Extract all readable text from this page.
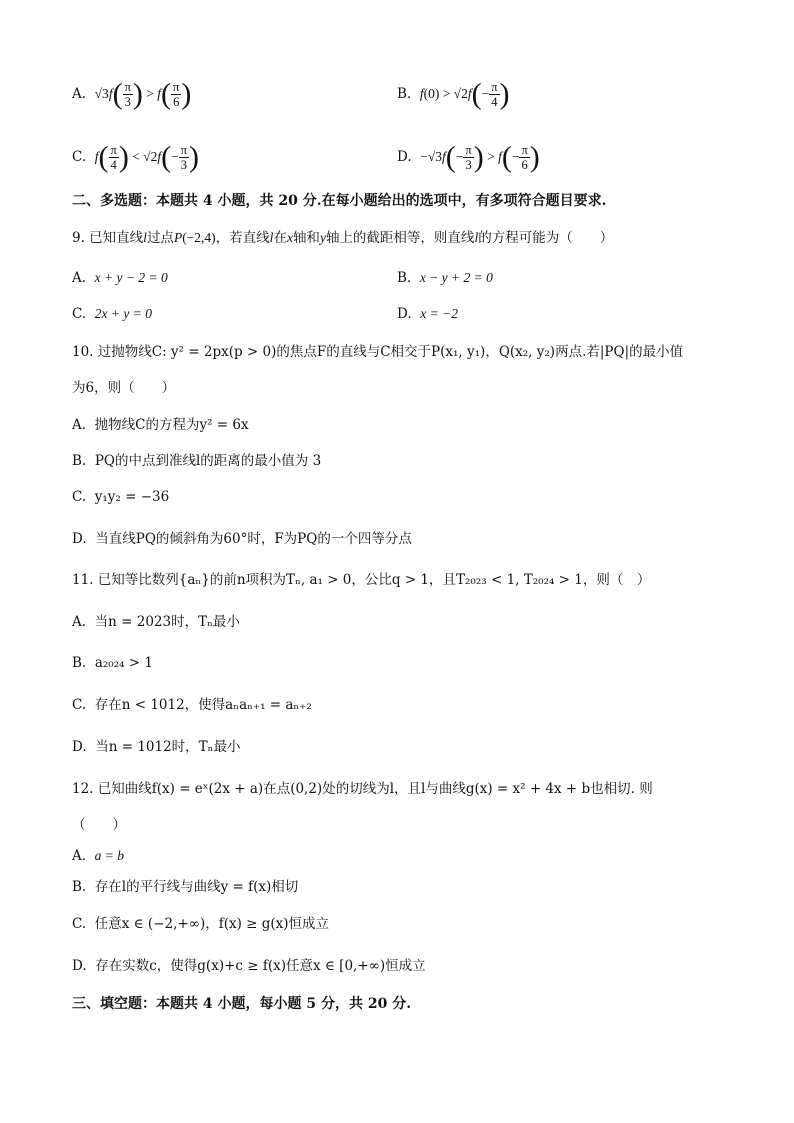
A. $√3f( \frac{\pi}{3}$ ) > $f( \frac{\pi}{6}$ )	B. $f(0) > √2f(- \frac{\pi}{4}$ )
C. $f( \frac{\pi}{4}$ ) < $√2f(- \frac{\pi}{3}$ )	D. $-√3f(- \frac{\pi}{3}$ ) > $f(- \frac{\pi}{6}$ )
二、多选题：本题共 4 小题，共 20 分.在每小题给出的选项中，有多项符合题目要求.
9. 已知直线l过点P(−2,4)，若直线l在x轴和y轴上的截距相等，则直线l的方程可能为（　　）
A. x + y − 2 = 0	B. x − y + 2 = 0
C. 2x + y = 0	D. x = −2
10. 过抛物线C: y² = 2px(p > 0)的焦点F的直线与C相交于P(x₁, y₁)，Q(x₂, y₂)两点.若|PQ|的最小值
为6，则（　　）
A. 抛物线C的方程为y² = 6x
B. PQ的中点到准线l的距离的最小值为 3
C. y₁y₂ = −36
D. 当直线PQ的倾斜角为60°时，F为PQ的一个四等分点
11. 已知等比数列{aₙ}的前n项积为Tₙ, a₁ > 0，公比q > 1，且T₂₀₂₃ < 1, T₂₀₂₄ > 1，则（　）
A. 当n = 2023时，Tₙ最小
B. a₂₀₂₄ > 1
C. 存在n < 1012，使得aₙaₙ₊₁ = aₙ₊₂
D. 当n = 1012时，Tₙ最小
12. 已知曲线f(x) = eˣ(2x + a)在点(0,2)处的切线为l，且l与曲线g(x) = x² + 4x + b也相切. 则
（　　）
A. a = b
B. 存在l的平行线与曲线y = f(x)相切
C. 任意x ∈ (−2,+∞)，f(x) ≥ g(x)恒成立
D. 存在实数c，使得g(x)+c ≥ f(x)任意x ∈ [0,+∞)恒成立
三、填空题：本题共 4 小题，每小题 5 分，共 20 分.
